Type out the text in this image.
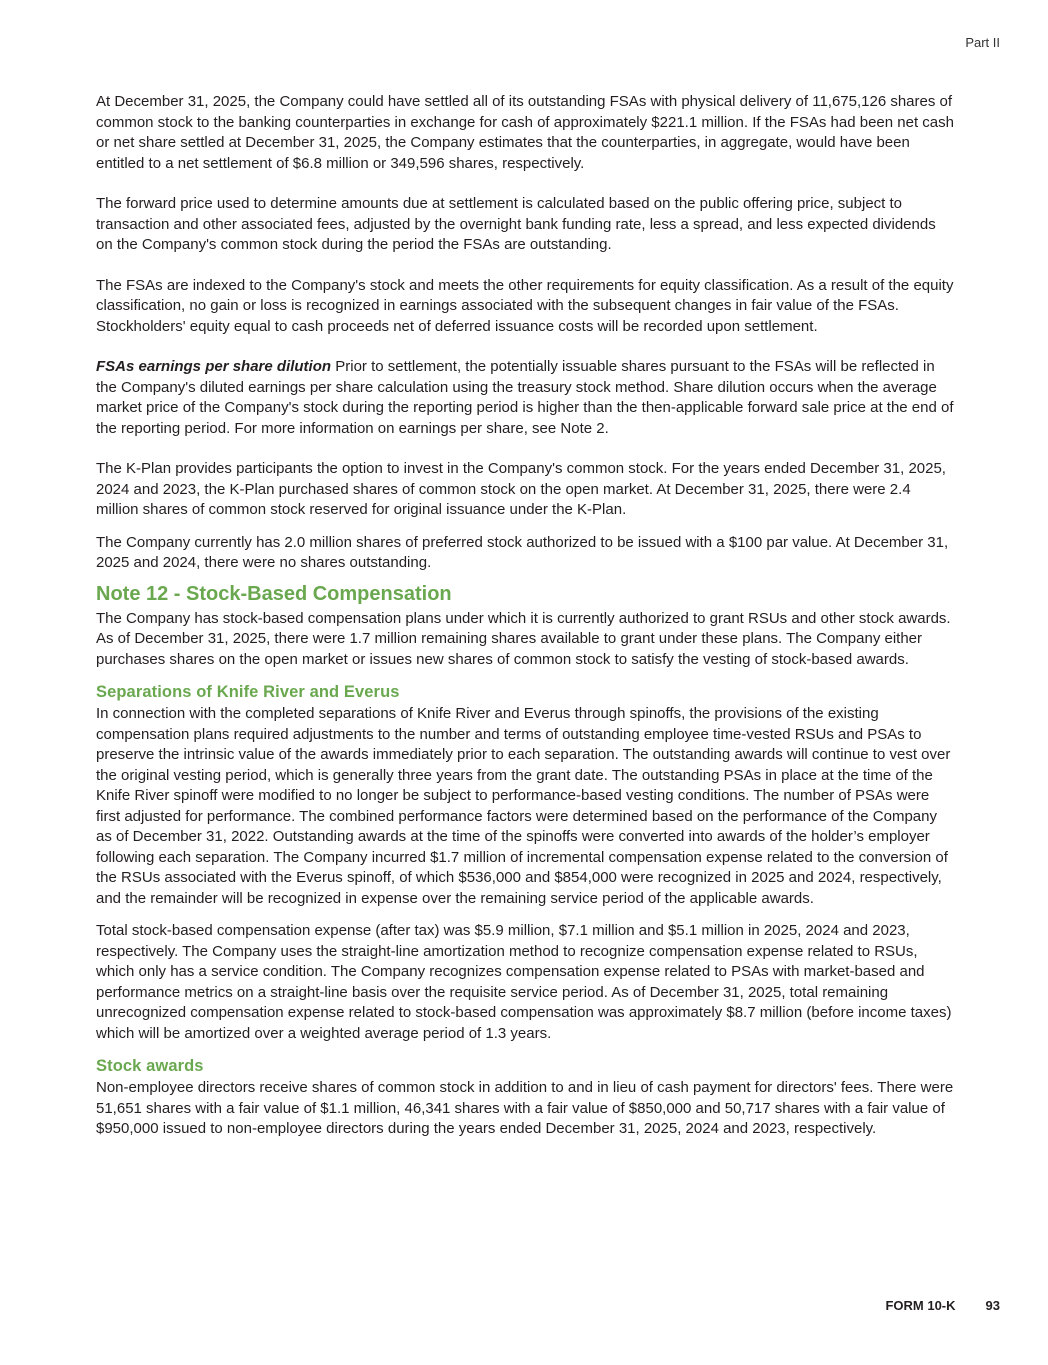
Part II

At December 31, 2025, the Company could have settled all of its outstanding FSAs with physical delivery of 11,675,126 shares of common stock to the banking counterparties in exchange for cash of approximately $221.1 million. If the FSAs had been net cash or net share settled at December 31, 2025, the Company estimates that the counterparties, in aggregate, would have been entitled to a net settlement of $6.8 million or 349,596 shares, respectively.

The forward price used to determine amounts due at settlement is calculated based on the public offering price, subject to transaction and other associated fees, adjusted by the overnight bank funding rate, less a spread, and less expected dividends on the Company's common stock during the period the FSAs are outstanding.

The FSAs are indexed to the Company's stock and meets the other requirements for equity classification. As a result of the equity classification, no gain or loss is recognized in earnings associated with the subsequent changes in fair value of the FSAs. Stockholders' equity equal to cash proceeds net of deferred issuance costs will be recorded upon settlement.

FSAs earnings per share dilution Prior to settlement, the potentially issuable shares pursuant to the FSAs will be reflected in the Company's diluted earnings per share calculation using the treasury stock method. Share dilution occurs when the average market price of the Company's stock during the reporting period is higher than the then-applicable forward sale price at the end of the reporting period. For more information on earnings per share, see Note 2.

The K-Plan provides participants the option to invest in the Company's common stock. For the years ended December 31, 2025, 2024 and 2023, the K-Plan purchased shares of common stock on the open market. At December 31, 2025, there were 2.4 million shares of common stock reserved for original issuance under the K-Plan.

The Company currently has 2.0 million shares of preferred stock authorized to be issued with a $100 par value. At December 31, 2025 and 2024, there were no shares outstanding.

Note 12 - Stock-Based Compensation

The Company has stock-based compensation plans under which it is currently authorized to grant RSUs and other stock awards. As of December 31, 2025, there were 1.7 million remaining shares available to grant under these plans. The Company either purchases shares on the open market or issues new shares of common stock to satisfy the vesting of stock-based awards.

Separations of Knife River and Everus

In connection with the completed separations of Knife River and Everus through spinoffs, the provisions of the existing compensation plans required adjustments to the number and terms of outstanding employee time-vested RSUs and PSAs to preserve the intrinsic value of the awards immediately prior to each separation. The outstanding awards will continue to vest over the original vesting period, which is generally three years from the grant date. The outstanding PSAs in place at the time of the Knife River spinoff were modified to no longer be subject to performance-based vesting conditions. The number of PSAs were first adjusted for performance. The combined performance factors were determined based on the performance of the Company as of December 31, 2022. Outstanding awards at the time of the spinoffs were converted into awards of the holder’s employer following each separation. The Company incurred $1.7 million of incremental compensation expense related to the conversion of the RSUs associated with the Everus spinoff, of which $536,000 and $854,000 were recognized in 2025 and 2024, respectively, and the remainder will be recognized in expense over the remaining service period of the applicable awards.

Total stock-based compensation expense (after tax) was $5.9 million, $7.1 million and $5.1 million in 2025, 2024 and 2023, respectively. The Company uses the straight-line amortization method to recognize compensation expense related to RSUs, which only has a service condition. The Company recognizes compensation expense related to PSAs with market-based and performance metrics on a straight-line basis over the requisite service period. As of December 31, 2025, total remaining unrecognized compensation expense related to stock-based compensation was approximately $8.7 million (before income taxes) which will be amortized over a weighted average period of 1.3 years.

Stock awards

Non-employee directors receive shares of common stock in addition to and in lieu of cash payment for directors' fees. There were 51,651 shares with a fair value of $1.1 million, 46,341 shares with a fair value of $850,000 and 50,717 shares with a fair value of $950,000 issued to non-employee directors during the years ended December 31, 2025, 2024 and 2023, respectively.

FORM 10-K 93
